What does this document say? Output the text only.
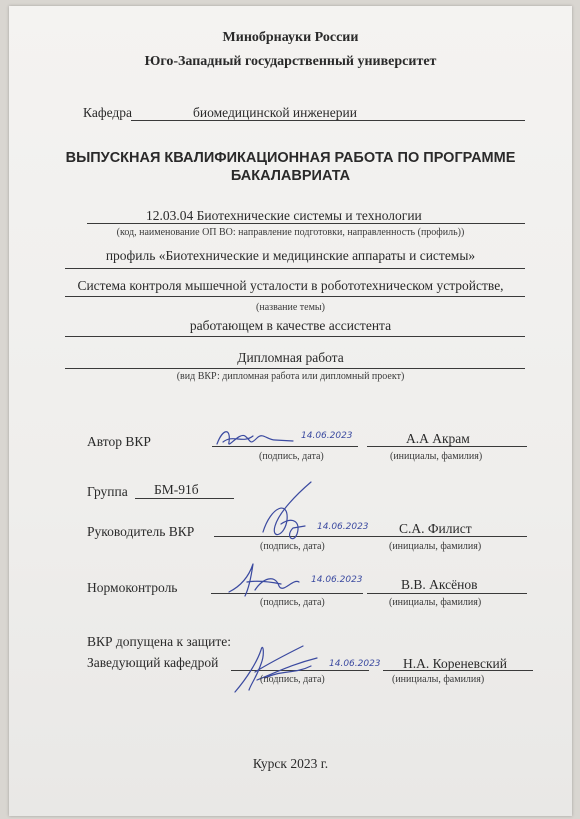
Минобрнауки России
Юго-Западный государственный университет
Кафедра	биомедицинской инженерии
ВЫПУСКНАЯ КВАЛИФИКАЦИОННАЯ РАБОТА ПО ПРОГРАММЕ
БАКАЛАВРИАТА
12.03.04 Биотехнические системы и технологии
(код, наименование ОП ВО: направление подготовки, направленность (профиль))
профиль «Биотехнические и медицинские аппараты и системы»
Система контроля мышечной усталости в робототехническом устройстве,
(название темы)
работающем в качестве ассистента
Дипломная работа
(вид ВКР: дипломная работа или дипломный проект)
Автор ВКР	14.06.2023
(подпись, дата)
А.А Акрам
(инициалы, фамилия)
Группа БМ-91б
Руководитель ВКР	14.06.2023
(подпись, дата)
С.А. Филист
(инициалы, фамилия)
Нормоконтроль	14.06.2023
(подпись, дата)
В.В. Аксёнов
(инициалы, фамилия)
ВКР допущена к защите:
Заведующий кафедрой	14.06.2023
(подпись, дата)
Н.А. Кореневский
(инициалы, фамилия)
Курск 2023 г.
